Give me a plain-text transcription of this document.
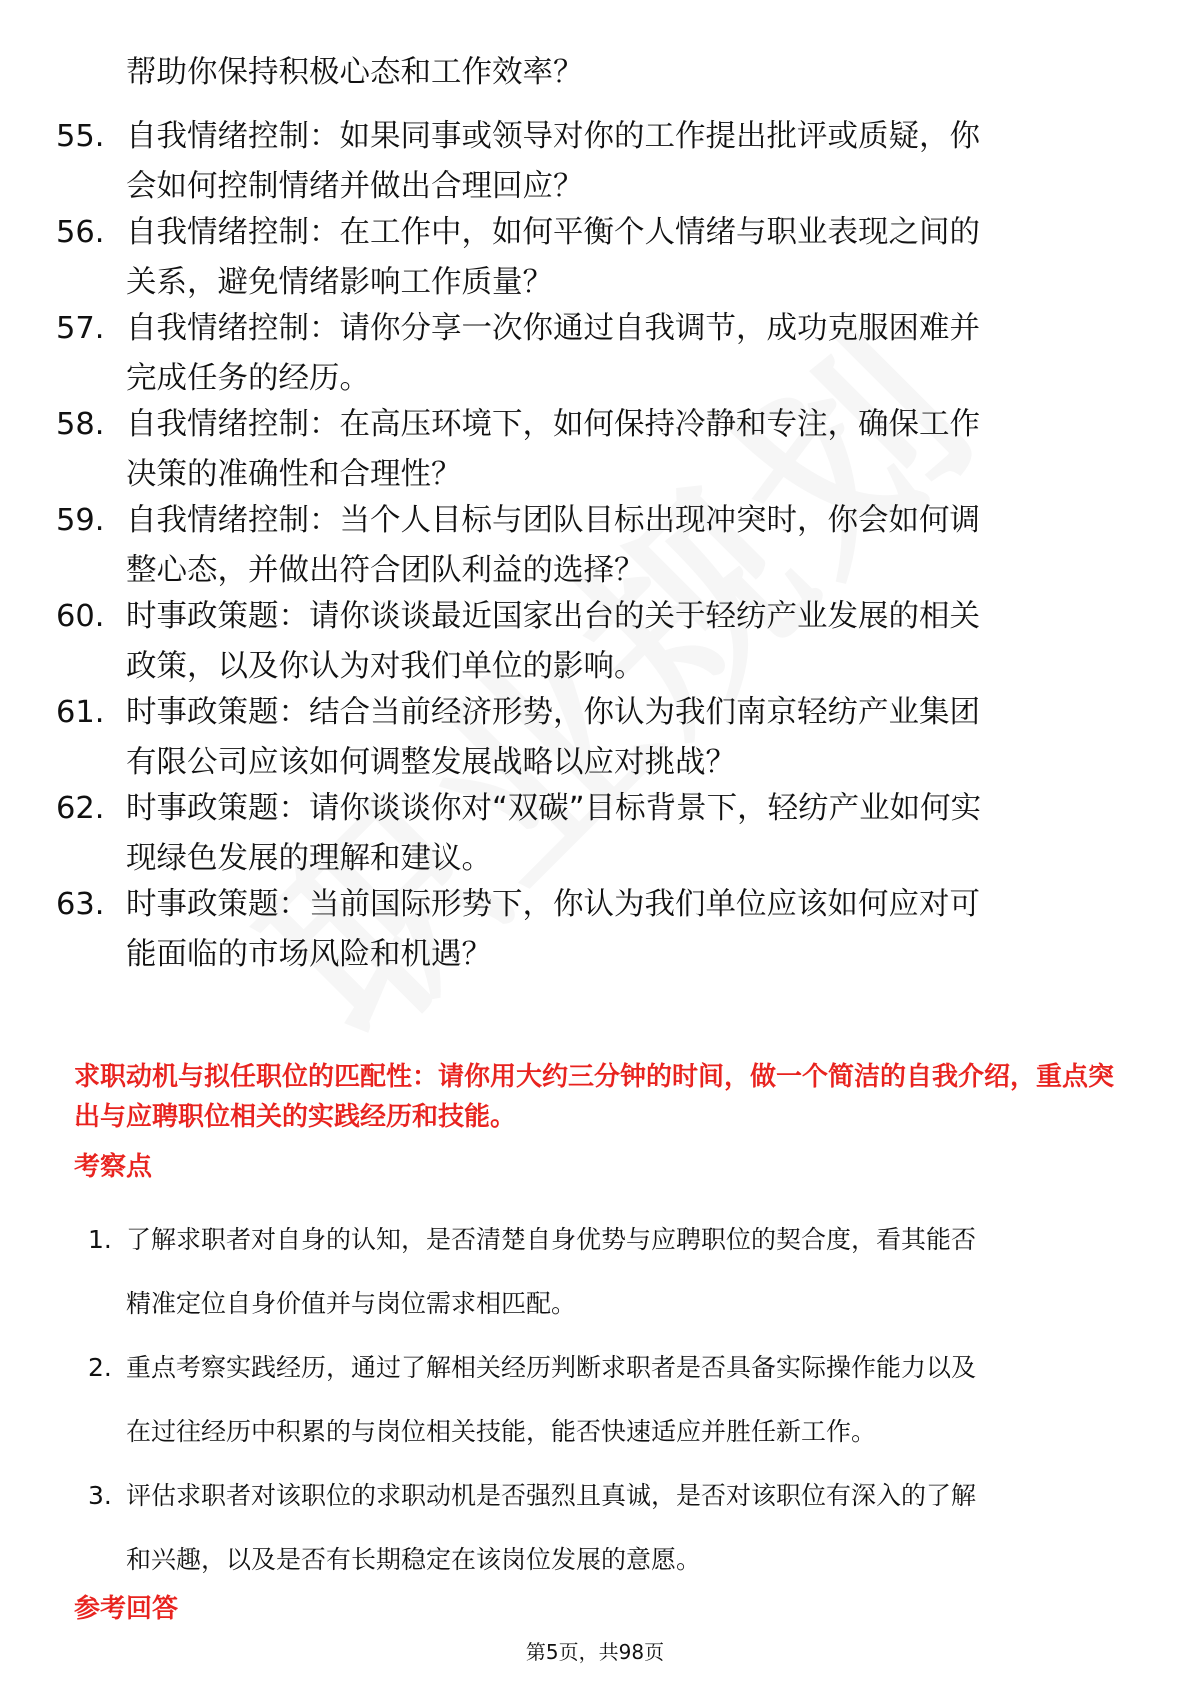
帮助你保持积极心态和工作效率？
55. 自我情绪控制：如果同事或领导对你的工作提出批评或质疑，你
会如何控制情绪并做出合理回应？
56. 自我情绪控制：在工作中，如何平衡个人情绪与职业表现之间的
关系，避免情绪影响工作质量？
57. 自我情绪控制：请你分享一次你通过自我调节，成功克服困难并
完成任务的经历。
58. 自我情绪控制：在高压环境下，如何保持冷静和专注，确保工作
决策的准确性和合理性？
59. 自我情绪控制：当个人目标与团队目标出现冲突时，你会如何调
整心态，并做出符合团队利益的选择？
60. 时事政策题：请你谈谈最近国家出台的关于轻纺产业发展的相关
政策，以及你认为对我们单位的影响。
61. 时事政策题：结合当前经济形势，你认为我们南京轻纺产业集团
有限公司应该如何调整发展战略以应对挑战？
62. 时事政策题：请你谈谈你对“双碳”目标背景下，轻纺产业如何实
现绿色发展的理解和建议。
63. 时事政策题：当前国际形势下，你认为我们单位应该如何应对可
能面临的市场风险和机遇？
求职动机与拟任职位的匹配性：请你用大约三分钟的时间，做一个简洁的自我介绍，重点突出与应聘职位相关的实践经历和技能。
考察点
1. 了解求职者对自身的认知，是否清楚自身优势与应聘职位的契合度，看其能否
精准定位自身价值并与岗位需求相匹配。
2. 重点考察实践经历，通过了解相关经历判断求职者是否具备实际操作能力以及
在过往经历中积累的与岗位相关技能，能否快速适应并胜任新工作。
3. 评估求职者对该职位的求职动机是否强烈且真诚，是否对该职位有深入的了解
和兴趣，以及是否有长期稳定在该岗位发展的意愿。
参考回答
第5页，共98页
